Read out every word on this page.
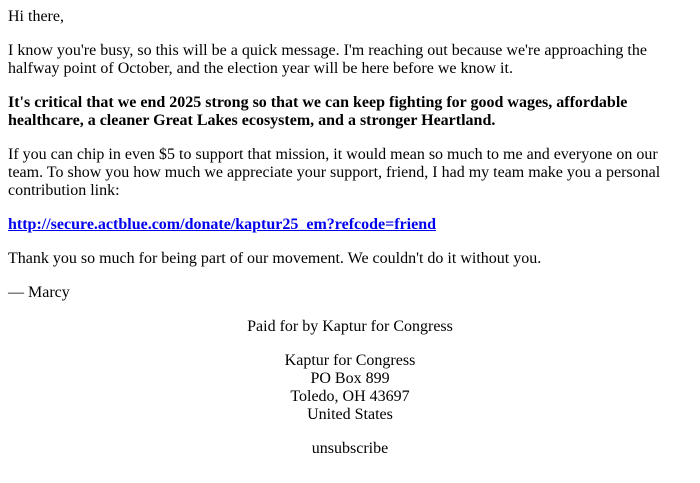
Hi there,

I know you're busy, so this will be a quick message. I'm reaching out because we're approaching the halfway point of October, and the election year will be here before we know it.

It's critical that we end 2025 strong so that we can keep fighting for good wages, affordable healthcare, a cleaner Great Lakes ecosystem, and a stronger Heartland.

If you can chip in even $5 to support that mission, it would mean so much to me and everyone on our team. To show you how much we appreciate your support, friend, I had my team make you a personal contribution link:

http://secure.actblue.com/donate/kaptur25_em?refcode=friend

Thank you so much for being part of our movement. We couldn't do it without you.

— Marcy

Paid for by Kaptur for Congress

Kaptur for Congress
PO Box 899
Toledo, OH 43697
United States

unsubscribe
